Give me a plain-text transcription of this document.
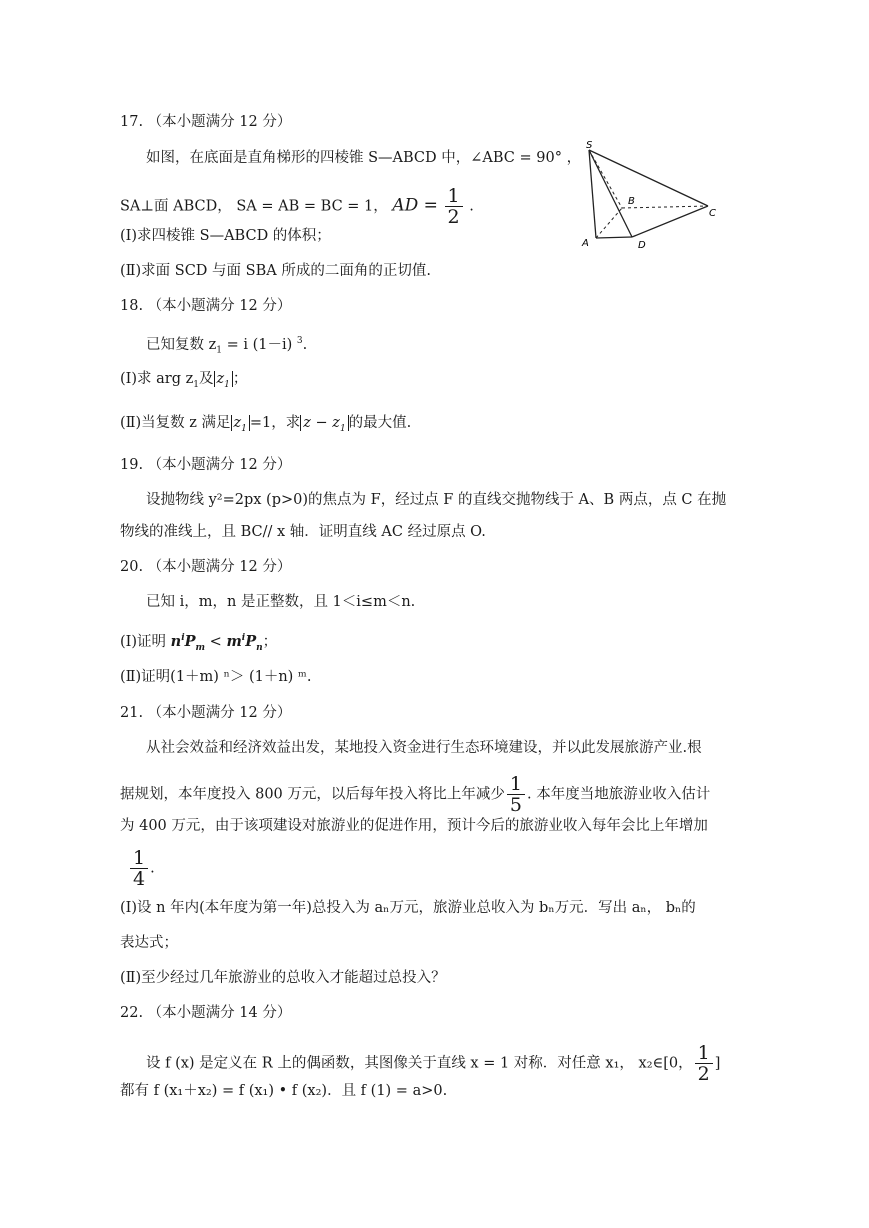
17. （本小题满分 12 分）
如图，在底面是直角梯形的四棱锥 S—ABCD 中，∠ABC = 90° ，
SA⊥面 ABCD， SA = AB = BC = 1， AD = $\frac{1}{2}$ .
(Ⅰ)求四棱锥 S—ABCD 的体积；
(Ⅱ)求面 SCD 与面 SBA 所成的二面角的正切值.
S
A
B
C
D
18. （本小题满分 12 分）
已知复数 $z_1 = i$ (1－i) $^3$.
(Ⅰ)求 arg $z_1$及 $z_1$ ；
(Ⅱ)当复数 z 满足 $z_1 =1$，求 $z - z_1$ 的最大值.
19. （本小题满分 12 分）
设抛物线 y²=2px (p>0)的焦点为 F，经过点 F 的直线交抛物线于 A、B 两点，点 C 在抛
物线的准线上，且 BC// x 轴．证明直线 AC 经过原点 O.
20. （本小题满分 12 分）
已知 i，m，n 是正整数，且 1＜i≤m＜n.
(Ⅰ)证明 $n^iP_m < m^iP_n$；
(Ⅱ)证明(1＋m) ⁿ＞ (1＋n) ᵐ.
21. （本小题满分 12 分）
从社会效益和经济效益出发，某地投入资金进行生态环境建设，并以此发展旅游产业.根
据规划，本年度投入 800 万元，以后每年投入将比上年减少 $\frac{1}{5}$ . 本年度当地旅游业收入估计
为 400 万元，由于该项建设对旅游业的促进作用，预计今后的旅游业收入每年会比上年增加
$\frac{1}{4}$ .
(Ⅰ)设 n 年内(本年度为第一年)总投入为 aₙ万元，旅游业总收入为 bₙ万元．写出 aₙ， bₙ的
表达式；
(Ⅱ)至少经过几年旅游业的总收入才能超过总投入？
22. （本小题满分 14 分）
设 f (x) 是定义在 R 上的偶函数，其图像关于直线 x = 1 对称．对任意 x₁， x₂∈[0， $\frac{1}{2}$ ]
都有 f (x₁＋x₂) = f (x₁) • f (x₂)．且 f (1) = a>0.
